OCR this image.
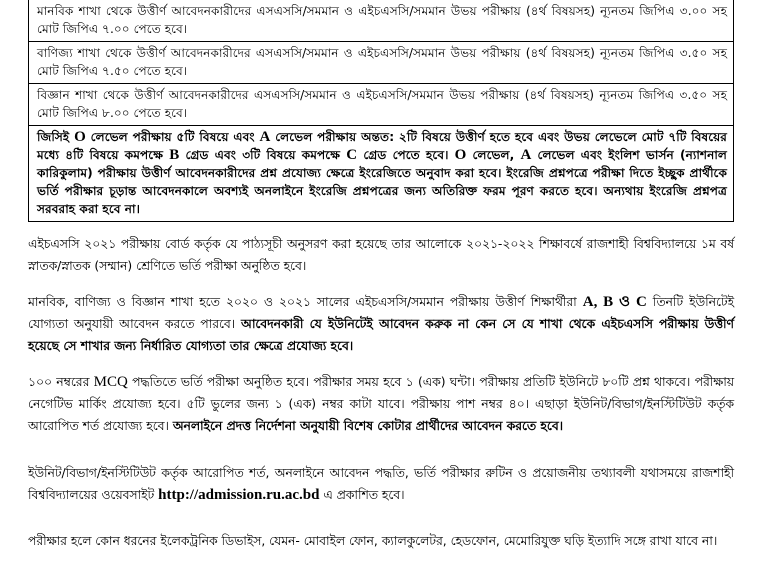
মানবিক শাখা থেকে উত্তীর্ণ আবেদনকারীদের এসএসসি/সমমান ও এইচএসসি/সমমান উভয় পরীক্ষায় (৪র্থ বিষয়সহ) ন্যূনতম জিপিএ ৩.০০ সহ মোট জিপিএ ৭.০০ পেতে হবে।
বাণিজ্য শাখা থেকে উত্তীর্ণ আবেদনকারীদের এসএসসি/সমমান ও এইচএসসি/সমমান উভয় পরীক্ষায় (৪র্থ বিষয়সহ) ন্যূনতম জিপিএ ৩.৫০ সহ মোট জিপিএ ৭.৫০ পেতে হবে।
বিজ্ঞান শাখা থেকে উত্তীর্ণ আবেদনকারীদের এসএসসি/সমমান ও এইচএসসি/সমমান উভয় পরীক্ষায় (৪র্থ বিষয়সহ) ন্যূনতম জিপিএ ৩.৫০ সহ মোট জিপিএ ৮.০০ পেতে হবে।
জিসিই O লেভেল পরীক্ষায় ৫টি বিষয়ে এবং A লেভেল পরীক্ষায় অন্তত: ২টি বিষয়ে উত্তীর্ণ হতে হবে এবং উভয় লেভেলে মোট ৭টি বিষয়ের মধ্যে ৪টি বিষয়ে কমপক্ষে B গ্রেড এবং ৩টি বিষয়ে কমপক্ষে C গ্রেড পেতে হবে। O লেভেল, A লেভেল এবং ইংলিশ ভার্সন (ন্যাশনাল কারিকুলাম) পরীক্ষায় উত্তীর্ণ আবেদনকারীদের প্রশ্ন প্রযোজ্য ক্ষেত্রে ইংরেজিতে অনুবাদ করা হবে। ইংরেজি প্রশ্নপত্রে পরীক্ষা দিতে ইচ্ছুক প্রার্থীকে ভর্তি পরীক্ষার চূড়ান্ত আবেদনকালে অবশ্যই অনলাইনে ইংরেজি প্রশ্নপত্রের জন্য অতিরিক্ত ফরম পূরণ করতে হবে। অন্যথায় ইংরেজি প্রশ্নপত্র সরবরাহ করা হবে না।

এইচএসসি ২০২১ পরীক্ষায় বোর্ড কর্তৃক যে পাঠ্যসূচী অনুসরণ করা হয়েছে তার আলোকে ২০২১-২০২২ শিক্ষাবর্ষে রাজশাহী বিশ্ববিদ্যালয়ে ১ম বর্ষ স্নাতক/স্নাতক (সম্মান) শ্রেণিতে ভর্তি পরীক্ষা অনুষ্ঠিত হবে।

মানবিক, বাণিজ্য ও বিজ্ঞান শাখা হতে ২০২০ ও ২০২১ সালের এইচএসসি/সমমান পরীক্ষায় উত্তীর্ণ শিক্ষার্থীরা A, B ও C তিনটি ইউনিটেই যোগ্যতা অনুযায়ী আবেদন করতে পারবে। আবেদনকারী যে ইউনিটেই আবেদন করুক না কেন সে যে শাখা থেকে এইচএসসি পরীক্ষায় উত্তীর্ণ হয়েছে সে শাখার জন্য নির্ধারিত যোগ্যতা তার ক্ষেত্রে প্রযোজ্য হবে।

১০০ নম্বরের MCQ পদ্ধতিতে ভর্তি পরীক্ষা অনুষ্ঠিত হবে। পরীক্ষার সময় হবে ১ (এক) ঘন্টা। পরীক্ষায় প্রতিটি ইউনিটে ৮০টি প্রশ্ন থাকবে। পরীক্ষায় নেগেটিভ মার্কিং প্রযোজ্য হবে। ৫টি ভুলের জন্য ১ (এক) নম্বর কাটা যাবে। পরীক্ষায় পাশ নম্বর ৪০। এছাড়া ইউনিট/বিভাগ/ইনস্টিটিউট কর্তৃক আরোপিত শর্ত প্রযোজ্য হবে। অনলাইনে প্রদত্ত নির্দেশনা অনুযায়ী বিশেষ কোটার প্রার্থীদের আবেদন করতে হবে।

ইউনিট/বিভাগ/ইনস্টিটিউট কর্তৃক আরোপিত শর্ত, অনলাইনে আবেদন পদ্ধতি, ভর্তি পরীক্ষার রুটিন ও প্রয়োজনীয় তথ্যাবলী যথাসময়ে রাজশাহী বিশ্ববিদ্যালয়ের ওয়েবসাইট http://admission.ru.ac.bd এ প্রকাশিত হবে।

পরীক্ষার হলে কোন ধরনের ইলেকট্রনিক ডিভাইস, যেমন- মোবাইল ফোন, ক্যালকুলেটর, হেডফোন, মেমোরিযুক্ত ঘড়ি ইত্যাদি সঙ্গে রাখা যাবে না।
